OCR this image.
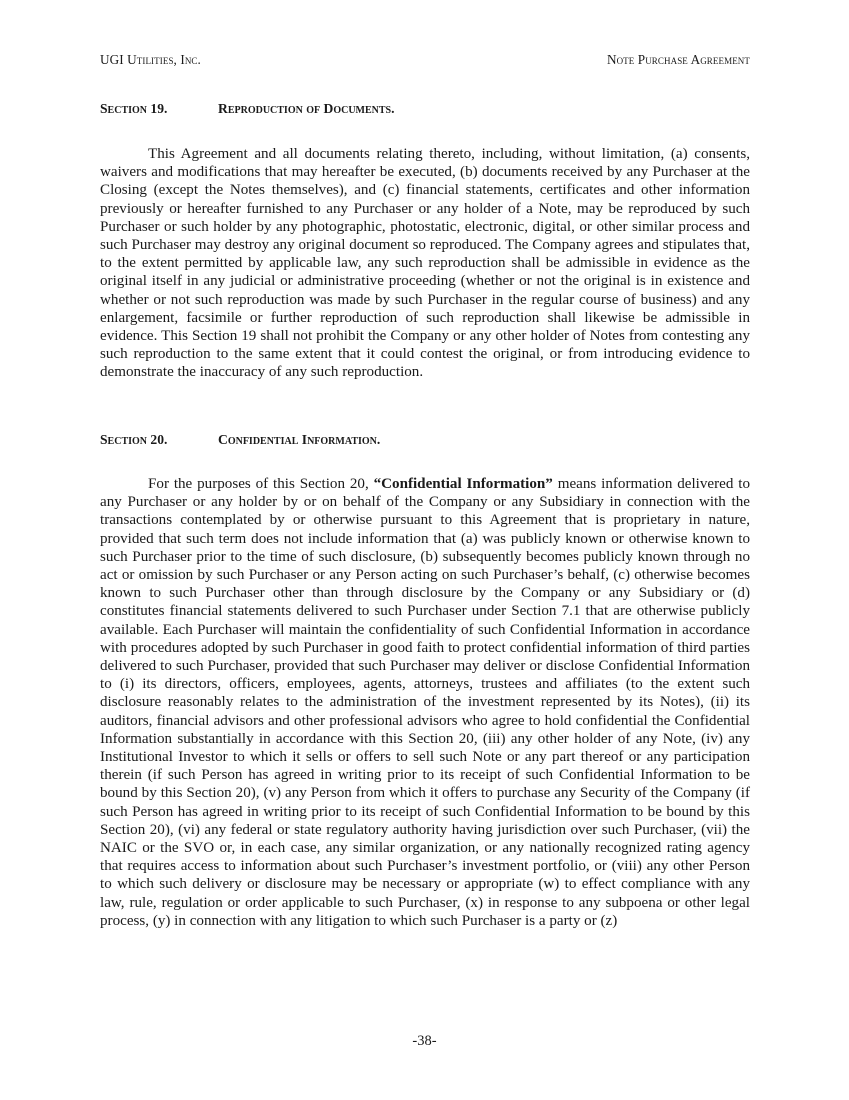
UGI Utilities, Inc.	Note Purchase Agreement
Section 19.	Reproduction of Documents.

This Agreement and all documents relating thereto, including, without limitation, (a) consents, waivers and modifications that may hereafter be executed, (b) documents received by any Purchaser at the Closing (except the Notes themselves), and (c) financial statements, certificates and other information previously or hereafter furnished to any Purchaser or any holder of a Note, may be reproduced by such Purchaser or such holder by any photographic, photostatic, electronic, digital, or other similar process and such Purchaser may destroy any original document so reproduced. The Company agrees and stipulates that, to the extent permitted by applicable law, any such reproduction shall be admissible in evidence as the original itself in any judicial or administrative proceeding (whether or not the original is in existence and whether or not such reproduction was made by such Purchaser in the regular course of business) and any enlargement, facsimile or further reproduction of such reproduction shall likewise be admissible in evidence. This Section 19 shall not prohibit the Company or any other holder of Notes from contesting any such reproduction to the same extent that it could contest the original, or from introducing evidence to demonstrate the inaccuracy of any such reproduction.

Section 20.	Confidential Information.

For the purposes of this Section 20, “Confidential Information” means information delivered to any Purchaser or any holder by or on behalf of the Company or any Subsidiary in connection with the transactions contemplated by or otherwise pursuant to this Agreement that is proprietary in nature, provided that such term does not include information that (a) was publicly known or otherwise known to such Purchaser prior to the time of such disclosure, (b) subsequently becomes publicly known through no act or omission by such Purchaser or any Person acting on such Purchaser’s behalf, (c) otherwise becomes known to such Purchaser other than through disclosure by the Company or any Subsidiary or (d) constitutes financial statements delivered to such Purchaser under Section 7.1 that are otherwise publicly available. Each Purchaser will maintain the confidentiality of such Confidential Information in accordance with procedures adopted by such Purchaser in good faith to protect confidential information of third parties delivered to such Purchaser, provided that such Purchaser may deliver or disclose Confidential Information to (i) its directors, officers, employees, agents, attorneys, trustees and affiliates (to the extent such disclosure reasonably relates to the administration of the investment represented by its Notes), (ii) its auditors, financial advisors and other professional advisors who agree to hold confidential the Confidential Information substantially in accordance with this Section 20, (iii) any other holder of any Note, (iv) any Institutional Investor to which it sells or offers to sell such Note or any part thereof or any participation therein (if such Person has agreed in writing prior to its receipt of such Confidential Information to be bound by this Section 20), (v) any Person from which it offers to purchase any Security of the Company (if such Person has agreed in writing prior to its receipt of such Confidential Information to be bound by this Section 20), (vi) any federal or state regulatory authority having jurisdiction over such Purchaser, (vii) the NAIC or the SVO or, in each case, any similar organization, or any nationally recognized rating agency that requires access to information about such Purchaser’s investment portfolio, or (viii) any other Person to which such delivery or disclosure may be necessary or appropriate (w) to effect compliance with any law, rule, regulation or order applicable to such Purchaser, (x) in response to any subpoena or other legal process, (y) in connection with any litigation to which such Purchaser is a party or (z)

-38-
